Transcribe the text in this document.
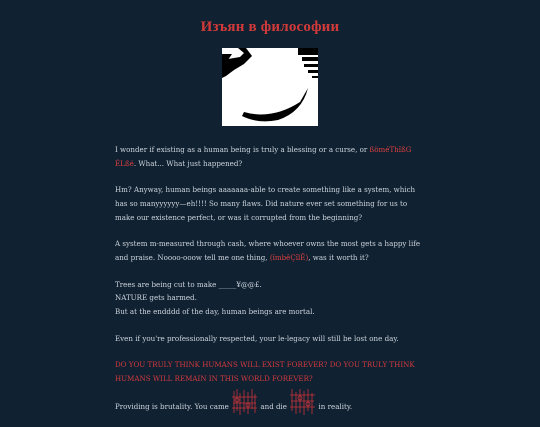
Изъян в философии

I wonder if existing as a human being is truly a blessing or a curse, or ßöméThîßG ÉLßé. What... What just happened?

Hm? Anyway, human beings aaaaaaa-able to create something like a system, which has so manyyyyyy—eh!!!! So many flaws. Did nature ever set something for us to make our existence perfect, or was it corrupted from the beginning?

A system m-measured through cash, where whoever owns the most gets a happy life and praise. Noooo-ooow tell me one thing, (îmbêÇîlÊ), was it worth it?

Trees are being cut to make _____¥@@£.
NATURE gets harmed.
But at the endddd of the day, human beings are mortal.

Even if you're professionally respected, your le-legacy will still be lost one day.

DO YOU TRULY THINK HUMANS WILL EXIST FOREVER? DO YOU TRULY THINK HUMANS WILL REMAIN IN THIS WORLD FOREVER?

Providing is brutality. You came	and die	in reality.
